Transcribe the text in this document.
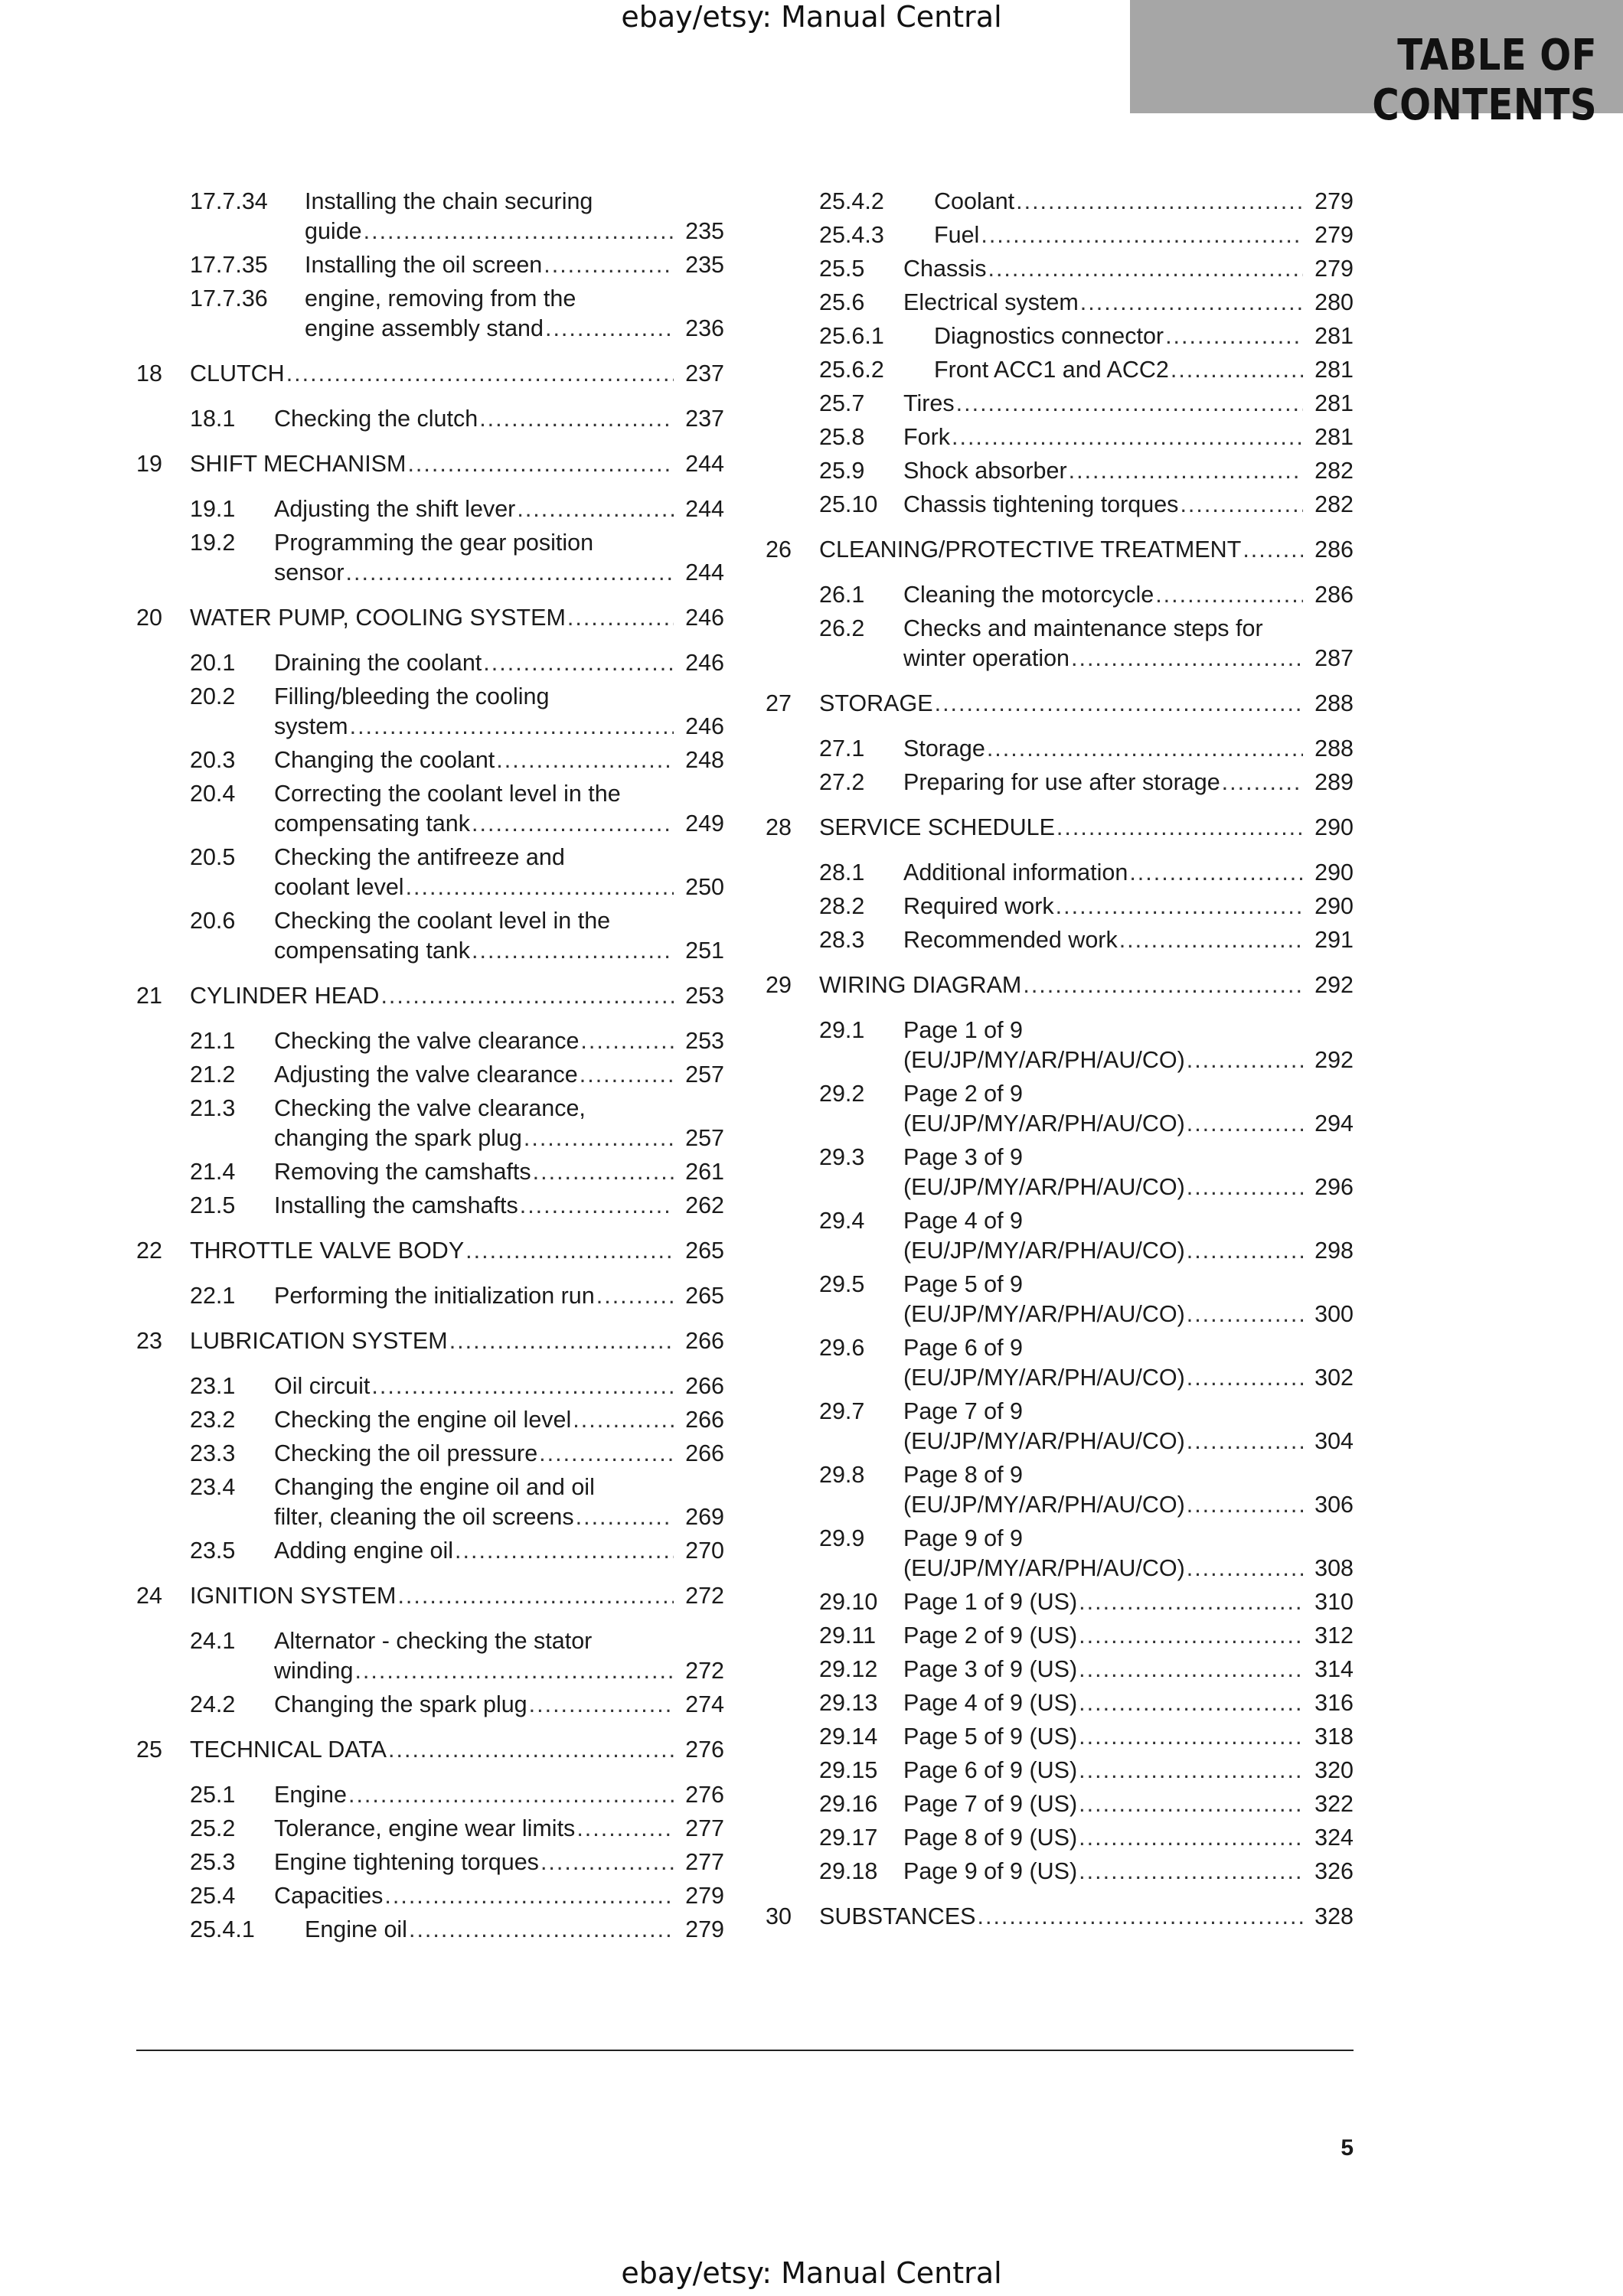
ebay/etsy: Manual Central
TABLE OF CONTENTS
17.7.34 Installing the chain securing
guide .....	235
17.7.35 Installing the oil screen .....	235
17.7.36 engine, removing from the
engine assembly stand .....	236
18 CLUTCH .....	237
18.1 Checking the clutch .....	237
19 SHIFT MECHANISM .....	244
19.1 Adjusting the shift lever .....	244
19.2 Programming the gear position
sensor .....	244
20 WATER PUMP, COOLING SYSTEM .....	246
20.1 Draining the coolant .....	246
20.2 Filling/bleeding the cooling
system .....	246
20.3 Changing the coolant .....	248
20.4 Correcting the coolant level in the
compensating tank .....	249
20.5 Checking the antifreeze and
coolant level .....	250
20.6 Checking the coolant level in the
compensating tank .....	251
21 CYLINDER HEAD .....	253
21.1 Checking the valve clearance .....	253
21.2 Adjusting the valve clearance .....	257
21.3 Checking the valve clearance,
changing the spark plug .....	257
21.4 Removing the camshafts .....	261
21.5 Installing the camshafts .....	262
22 THROTTLE VALVE BODY .....	265
22.1 Performing the initialization run .....	265
23 LUBRICATION SYSTEM .....	266
23.1 Oil circuit .....	266
23.2 Checking the engine oil level .....	266
23.3 Checking the oil pressure .....	266
23.4 Changing the engine oil and oil
filter, cleaning the oil screens .....	269
23.5 Adding engine oil .....	270
24 IGNITION SYSTEM .....	272
24.1 Alternator - checking the stator
winding .....	272
24.2 Changing the spark plug .....	274
25 TECHNICAL DATA .....	276
25.1 Engine .....	276
25.2 Tolerance, engine wear limits .....	277
25.3 Engine tightening torques .....	277
25.4 Capacities .....	279
25.4.1 Engine oil .....	279
25.4.2 Coolant .....	279
25.4.3 Fuel .....	279
25.5 Chassis .....	279
25.6 Electrical system .....	280
25.6.1 Diagnostics connector .....	281
25.6.2 Front ACC1 and ACC2 .....	281
25.7 Tires .....	281
25.8 Fork .....	281
25.9 Shock absorber .....	282
25.10 Chassis tightening torques .....	282
26 CLEANING/PROTECTIVE TREATMENT .....	286
26.1 Cleaning the motorcycle .....	286
26.2 Checks and maintenance steps for
winter operation .....	287
27 STORAGE .....	288
27.1 Storage .....	288
27.2 Preparing for use after storage .....	289
28 SERVICE SCHEDULE .....	290
28.1 Additional information .....	290
28.2 Required work .....	290
28.3 Recommended work .....	291
29 WIRING DIAGRAM .....	292
29.1 Page 1 of 9
(EU/JP/MY/AR/PH/AU/CO) .....	292
29.2 Page 2 of 9
(EU/JP/MY/AR/PH/AU/CO) .....	294
29.3 Page 3 of 9
(EU/JP/MY/AR/PH/AU/CO) .....	296
29.4 Page 4 of 9
(EU/JP/MY/AR/PH/AU/CO) .....	298
29.5 Page 5 of 9
(EU/JP/MY/AR/PH/AU/CO) .....	300
29.6 Page 6 of 9
(EU/JP/MY/AR/PH/AU/CO) .....	302
29.7 Page 7 of 9
(EU/JP/MY/AR/PH/AU/CO) .....	304
29.8 Page 8 of 9
(EU/JP/MY/AR/PH/AU/CO) .....	306
29.9 Page 9 of 9
(EU/JP/MY/AR/PH/AU/CO) .....	308
29.10 Page 1 of 9 (US) .....	310
29.11 Page 2 of 9 (US) .....	312
29.12 Page 3 of 9 (US) .....	314
29.13 Page 4 of 9 (US) .....	316
29.14 Page 5 of 9 (US) .....	318
29.15 Page 6 of 9 (US) .....	320
29.16 Page 7 of 9 (US) .....	322
29.17 Page 8 of 9 (US) .....	324
29.18 Page 9 of 9 (US) .....	326
30 SUBSTANCES .....	328
5
ebay/etsy: Manual Central
